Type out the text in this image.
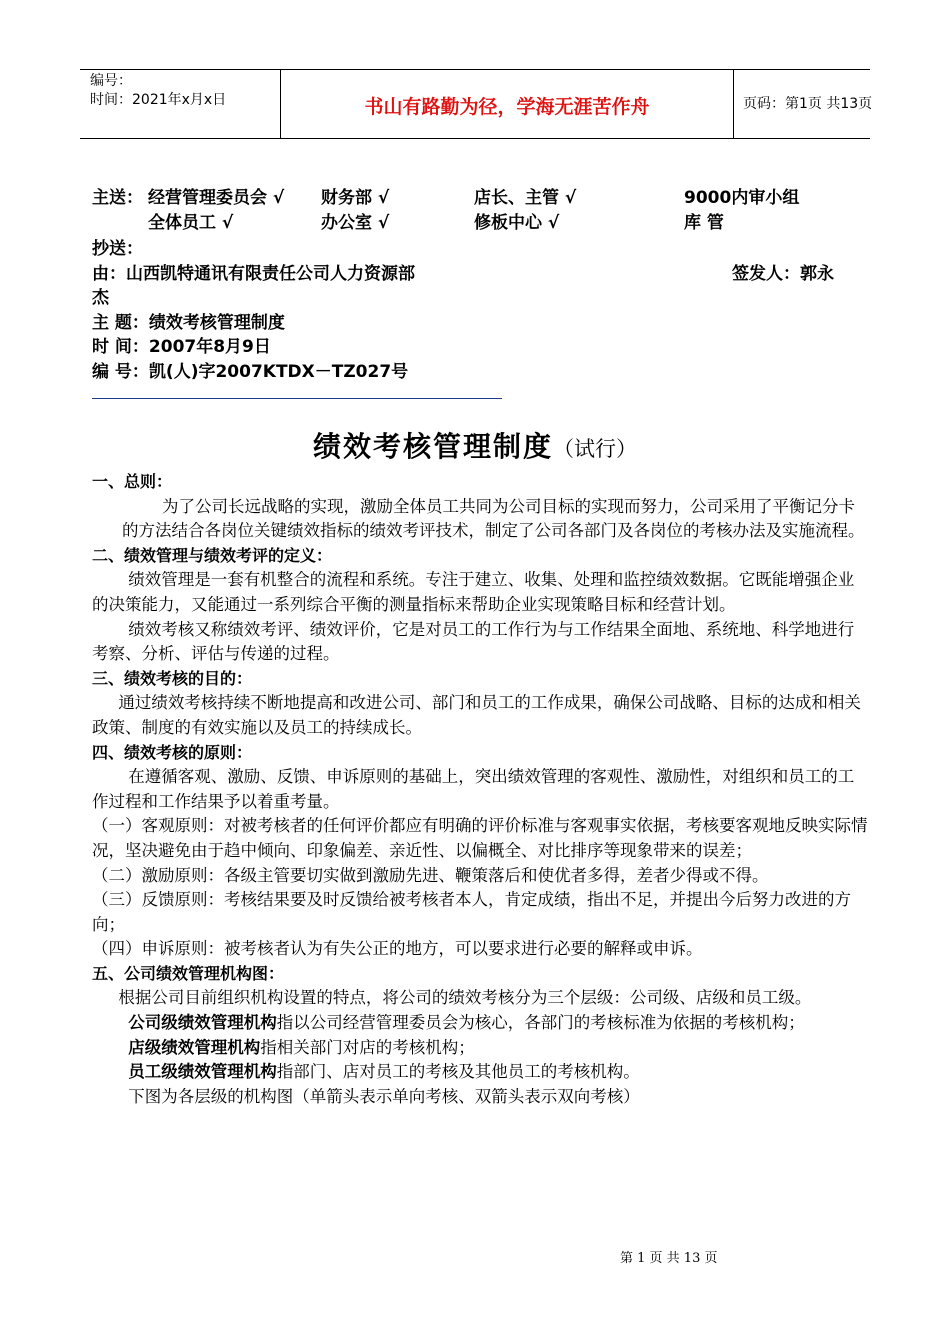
编号：
时间：2021年x月x日	书山有路勤为径，学海无涯苦作舟	页码：第1页 共13页
主送： 经营管理委员会 √ 财务部 √	店长、主管 √	9000内审小组
全体员工 √	办公室 √	修板中心 √	库 管
抄送：
由：山西凯特通讯有限责任公司人力资源部	签发人：郭永
杰
主 题：绩效考核管理制度
时 间：2007年8月9日
编 号：凯(人)字2007KTDX－TZ027号
绩效考核管理制度（试行）

一、总则：

为了公司长远战略的实现，激励全体员工共同为公司目标的实现而努力，公司采用了平衡记分卡的方法结合各岗位关键绩效指标的绩效考评技术，制定了公司各部门及各岗位的考核办法及实施流程。

二、绩效管理与绩效考评的定义：

绩效管理是一套有机整合的流程和系统。专注于建立、收集、处理和监控绩效数据。它既能增强企业的决策能力，又能通过一系列综合平衡的测量指标来帮助企业实现策略目标和经营计划。

绩效考核又称绩效考评、绩效评价，它是对员工的工作行为与工作结果全面地、系统地、科学地进行考察、分析、评估与传递的过程。

三、绩效考核的目的：

通过绩效考核持续不断地提高和改进公司、部门和员工的工作成果，确保公司战略、目标的达成和相关政策、制度的有效实施以及员工的持续成长。

四、绩效考核的原则：

在遵循客观、激励、反馈、申诉原则的基础上，突出绩效管理的客观性、激励性，对组织和员工的工作过程和工作结果予以着重考量。

（一）客观原则：对被考核者的任何评价都应有明确的评价标准与客观事实依据，考核要客观地反映实际情况，坚决避免由于趋中倾向、印象偏差、亲近性、以偏概全、对比排序等现象带来的误差；

（二）激励原则：各级主管要切实做到激励先进、鞭策落后和使优者多得，差者少得或不得。

（三）反馈原则：考核结果要及时反馈给被考核者本人，肯定成绩，指出不足，并提出今后努力改进的方向；

（四）申诉原则：被考核者认为有失公正的地方，可以要求进行必要的解释或申诉。

五、公司绩效管理机构图：

根据公司目前组织机构设置的特点，将公司的绩效考核分为三个层级：公司级、店级和员工级。

公司级绩效管理机构指以公司经营管理委员会为核心，各部门的考核标准为依据的考核机构；

店级绩效管理机构指相关部门对店的考核机构；

员工级绩效管理机构指部门、店对员工的考核及其他员工的考核机构。

下图为各层级的机构图（单箭头表示单向考核、双箭头表示双向考核）

第 1 页 共 13 页
